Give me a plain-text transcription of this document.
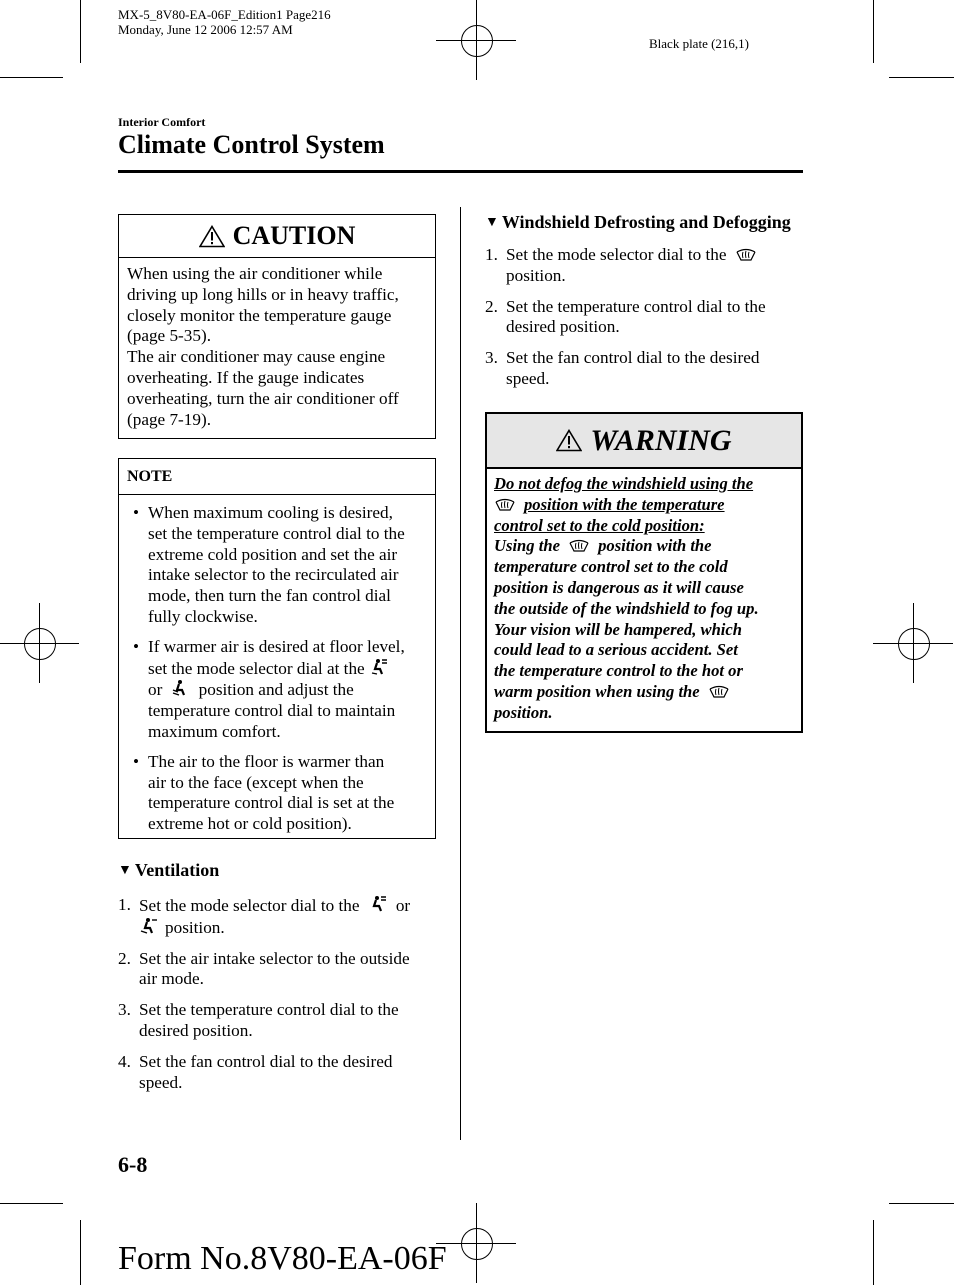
MX-5_8V80-EA-06F_Edition1 Page216
Monday, June 12 2006 12:57 AM
Black plate (216,1)
Interior Comfort
Climate Control System
CAUTION
When using the air conditioner while
driving up long hills or in heavy traffic,
closely monitor the temperature gauge
(page 5-35).
The air conditioner may cause engine
overheating. If the gauge indicates
overheating, turn the air conditioner off
(page 7-19).
NOTE
• When maximum cooling is desired,
set the temperature control dial to the
extreme cold position and set the air
intake selector to the recirculated air
mode, then turn the fan control dial
fully clockwise.
• If warmer air is desired at floor level,
set the mode selector dial at the
or position and adjust the
temperature control dial to maintain
maximum comfort.
• The air to the floor is warmer than
air to the face (except when the
temperature control dial is set at the
extreme hot or cold position).
▼ Ventilation
1. Set the mode selector dial to the or
position.
2. Set the air intake selector to the outside
air mode.
3. Set the temperature control dial to the
desired position.
4. Set the fan control dial to the desired
speed.
▼ Windshield Defrosting and Defogging
1. Set the mode selector dial to the
position.
2. Set the temperature control dial to the
desired position.
3. Set the fan control dial to the desired
speed.
WARNING
Do not defog the windshield using the
position with the temperature
control set to the cold position:
Using the position with the
temperature control set to the cold
position is dangerous as it will cause
the outside of the windshield to fog up.
Your vision will be hampered, which
could lead to a serious accident. Set
the temperature control to the hot or
warm position when using the
position.
6-8
Form No.8V80-EA-06F
